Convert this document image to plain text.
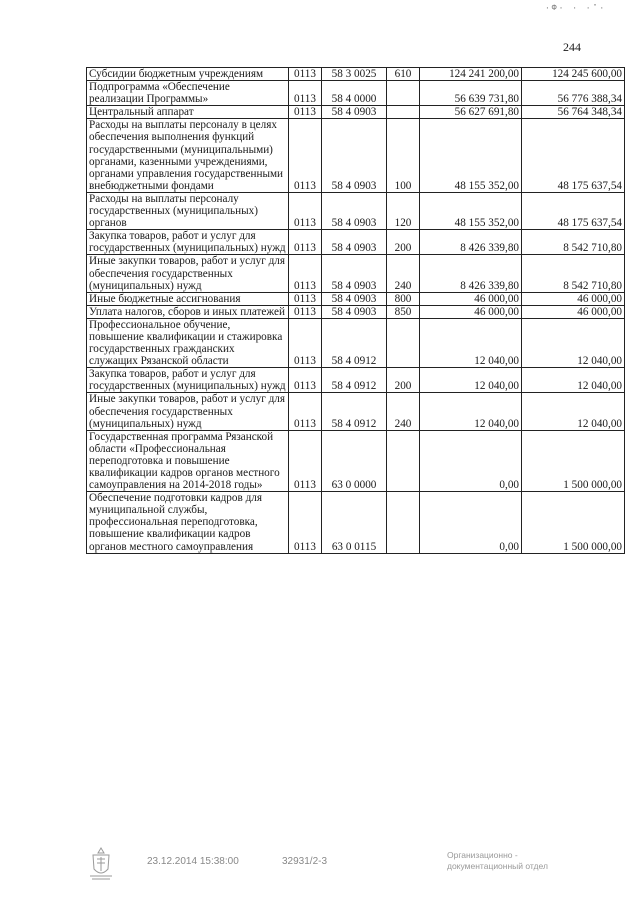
·Ф· · ·˚·
244
Субсидии бюджетным учреждениям	0113	58 3 0025	610	124 241 200,00	124 245 600,00
Подпрограмма «Обеспечение реализации Программы»	0113	58 4 0000		56 639 731,80	56 776 388,34
Центральный аппарат	0113	58 4 0903		56 627 691,80	56 764 348,34
Расходы на выплаты персоналу в целях обеспечения выполнения функций государственными (муниципальными) органами, казенными учреждениями, органами управления государственными внебюджетными фондами	0113	58 4 0903	100	48 155 352,00	48 175 637,54
Расходы на выплаты персоналу государственных (муниципальных) органов	0113	58 4 0903	120	48 155 352,00	48 175 637,54
Закупка товаров, работ и услуг для государственных (муниципальных) нужд	0113	58 4 0903	200	8 426 339,80	8 542 710,80
Иные закупки товаров, работ и услуг для обеспечения государственных (муниципальных) нужд	0113	58 4 0903	240	8 426 339,80	8 542 710,80
Иные бюджетные ассигнования	0113	58 4 0903	800	46 000,00	46 000,00
Уплата налогов, сборов и иных платежей	0113	58 4 0903	850	46 000,00	46 000,00
Профессиональное обучение, повышение квалификации и стажировка государственных гражданских служащих Рязанской области	0113	58 4 0912		12 040,00	12 040,00
Закупка товаров, работ и услуг для государственных (муниципальных) нужд	0113	58 4 0912	200	12 040,00	12 040,00
Иные закупки товаров, работ и услуг для обеспечения государственных (муниципальных) нужд	0113	58 4 0912	240	12 040,00	12 040,00
Государственная программа Рязанской области «Профессиональная переподготовка и повышение квалификации кадров органов местного самоуправления на 2014-2018 годы»	0113	63 0 0000		0,00	1 500 000,00
Обеспечение подготовки кадров для муниципальной службы, профессиональная переподготовка, повышение квалификации кадров органов местного самоуправления	0113	63 0 0115		0,00	1 500 000,00
23.12.2014 15:38:00	32931/2-3
Организационно -
документационный отдел
